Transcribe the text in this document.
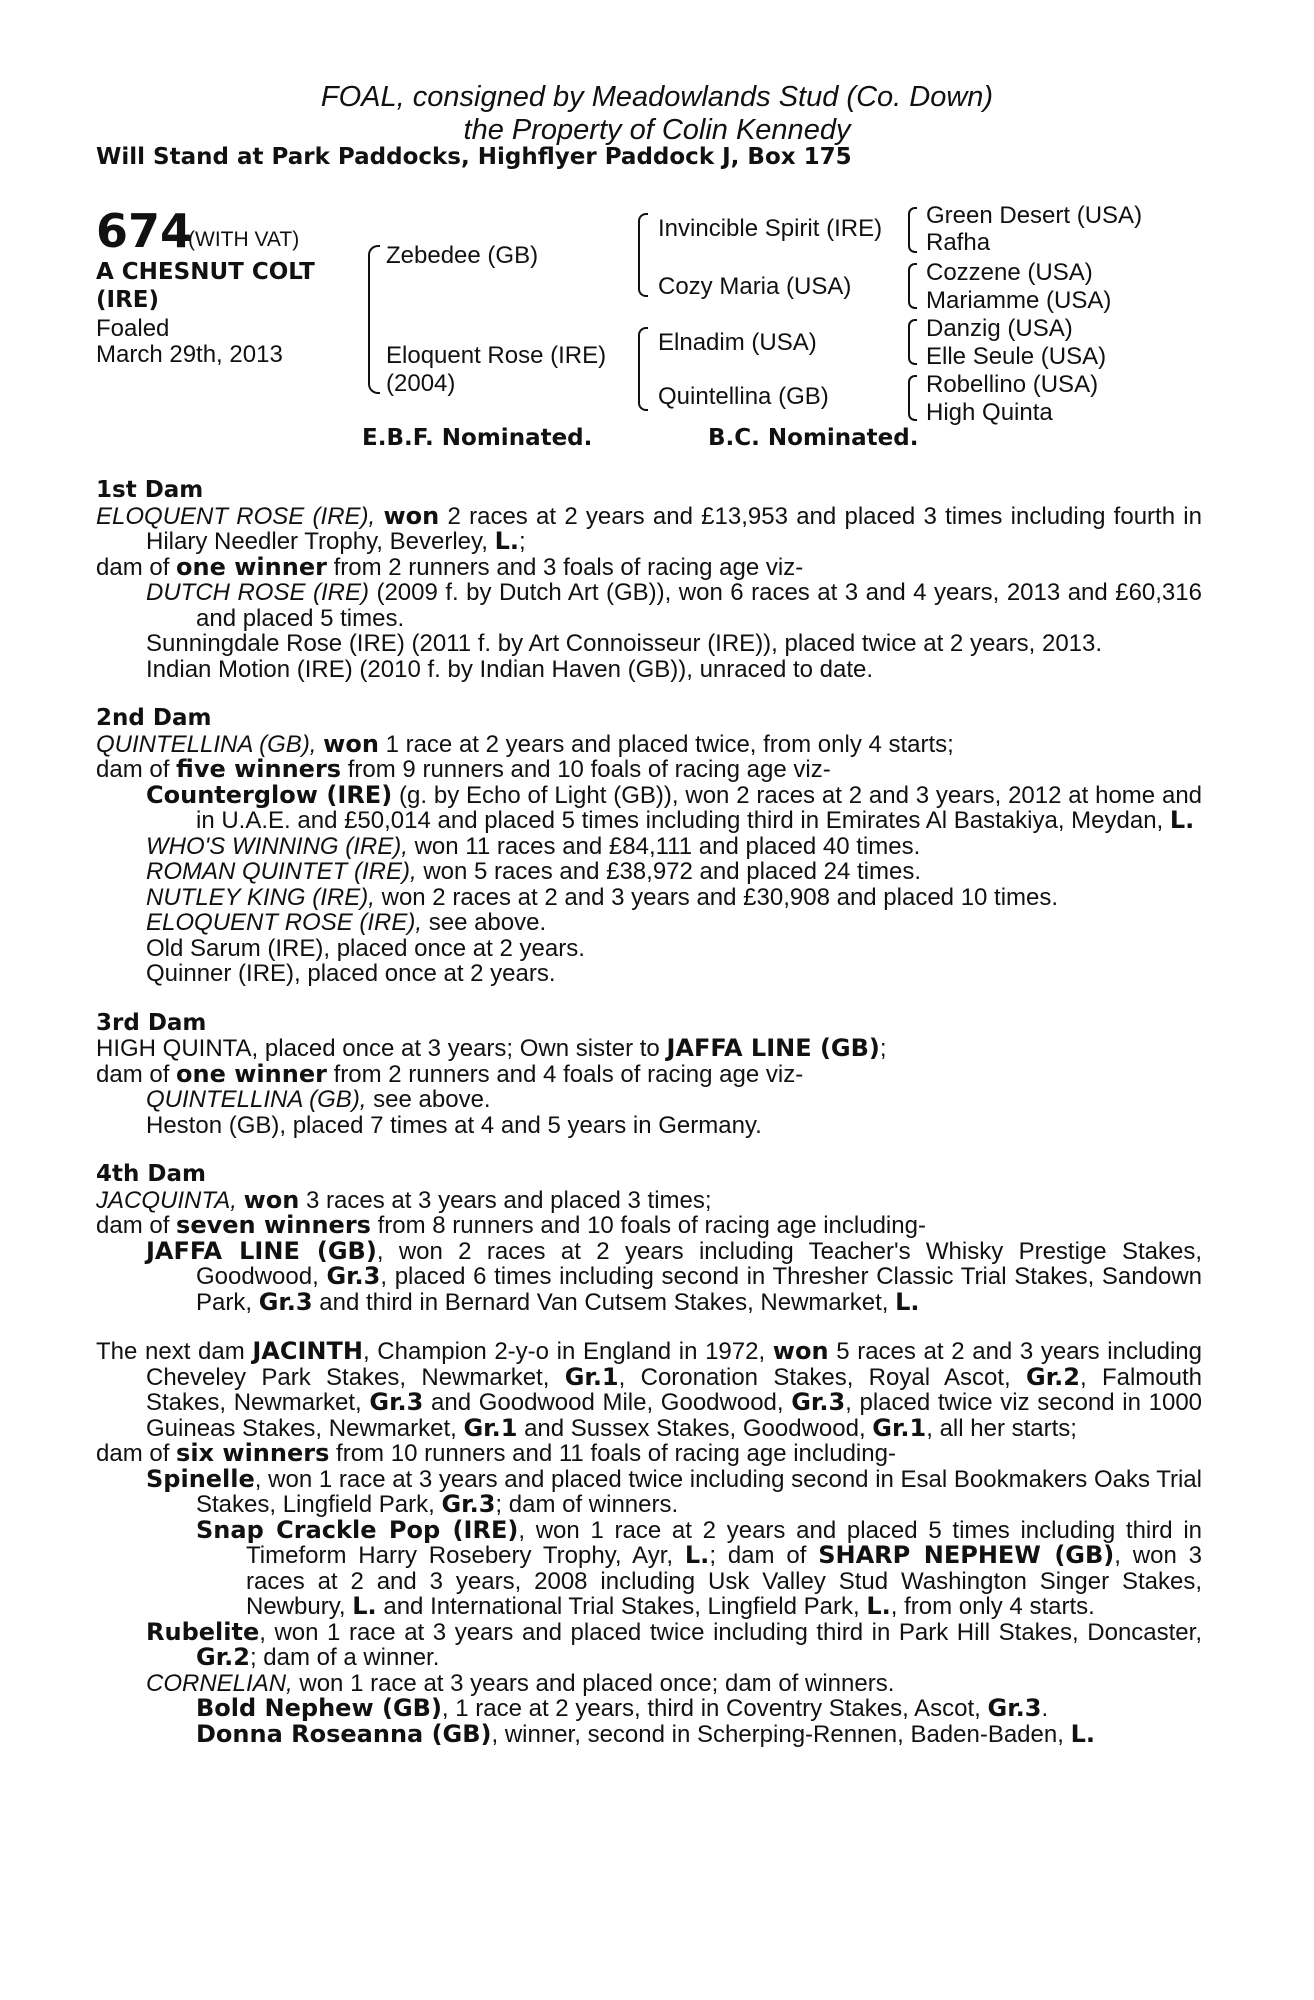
FOAL, consigned by Meadowlands Stud (Co. Down)
the Property of Colin Kennedy
Will Stand at Park Paddocks, Highflyer Paddock J, Box 175
674
(WITH VAT)
A CHESNUT COLT
(IRE)
Foaled
March 29th, 2013
Zebedee (GB)
Eloquent Rose (IRE)
(2004)
Invincible Spirit (IRE)
Cozy Maria (USA)
Elnadim (USA)
Quintellina (GB)
Green Desert (USA)
Rafha
Cozzene (USA)
Mariamme (USA)
Danzig (USA)
Elle Seule (USA)
Robellino (USA)
High Quinta
E.B.F. Nominated.	B.C. Nominated.

1st Dam

ELOQUENT ROSE (IRE), won 2 races at 2 years and £13,953 and placed 3 times including fourth in Hilary Needler Trophy, Beverley, L.;

dam of one winner from 2 runners and 3 foals of racing age viz-

DUTCH ROSE (IRE) (2009 f. by Dutch Art (GB)), won 6 races at 3 and 4 years, 2013 and £60,316 and placed 5 times.

Sunningdale Rose (IRE) (2011 f. by Art Connoisseur (IRE)), placed twice at 2 years, 2013.

Indian Motion (IRE) (2010 f. by Indian Haven (GB)), unraced to date.

2nd Dam

QUINTELLINA (GB), won 1 race at 2 years and placed twice, from only 4 starts;

dam of five winners from 9 runners and 10 foals of racing age viz-

Counterglow (IRE) (g. by Echo of Light (GB)), won 2 races at 2 and 3 years, 2012 at home and in U.A.E. and £50,014 and placed 5 times including third in Emirates Al Bastakiya, Meydan, L.

WHO'S WINNING (IRE), won 11 races and £84,111 and placed 40 times.

ROMAN QUINTET (IRE), won 5 races and £38,972 and placed 24 times.

NUTLEY KING (IRE), won 2 races at 2 and 3 years and £30,908 and placed 10 times.

ELOQUENT ROSE (IRE), see above.

Old Sarum (IRE), placed once at 2 years.

Quinner (IRE), placed once at 2 years.

3rd Dam

HIGH QUINTA, placed once at 3 years; Own sister to JAFFA LINE (GB);

dam of one winner from 2 runners and 4 foals of racing age viz-

QUINTELLINA (GB), see above.

Heston (GB), placed 7 times at 4 and 5 years in Germany.

4th Dam

JACQUINTA, won 3 races at 3 years and placed 3 times;

dam of seven winners from 8 runners and 10 foals of racing age including-

JAFFA LINE (GB), won 2 races at 2 years including Teacher's Whisky Prestige Stakes, Goodwood, Gr.3, placed 6 times including second in Thresher Classic Trial Stakes, Sandown Park, Gr.3 and third in Bernard Van Cutsem Stakes, Newmarket, L.

The next dam JACINTH, Champion 2-y-o in England in 1972, won 5 races at 2 and 3 years including Cheveley Park Stakes, Newmarket, Gr.1, Coronation Stakes, Royal Ascot, Gr.2, Falmouth Stakes, Newmarket, Gr.3 and Goodwood Mile, Goodwood, Gr.3, placed twice viz second in 1000 Guineas Stakes, Newmarket, Gr.1 and Sussex Stakes, Goodwood, Gr.1, all her starts;

dam of six winners from 10 runners and 11 foals of racing age including-

Spinelle, won 1 race at 3 years and placed twice including second in Esal Bookmakers Oaks Trial Stakes, Lingfield Park, Gr.3; dam of winners.

Snap Crackle Pop (IRE), won 1 race at 2 years and placed 5 times including third in Timeform Harry Rosebery Trophy, Ayr, L.; dam of SHARP NEPHEW (GB), won 3 races at 2 and 3 years, 2008 including Usk Valley Stud Washington Singer Stakes, Newbury, L. and International Trial Stakes, Lingfield Park, L., from only 4 starts.

Rubelite, won 1 race at 3 years and placed twice including third in Park Hill Stakes, Doncaster, Gr.2; dam of a winner.

CORNELIAN, won 1 race at 3 years and placed once; dam of winners.

Bold Nephew (GB), 1 race at 2 years, third in Coventry Stakes, Ascot, Gr.3.

Donna Roseanna (GB), winner, second in Scherping-Rennen, Baden-Baden, L.
